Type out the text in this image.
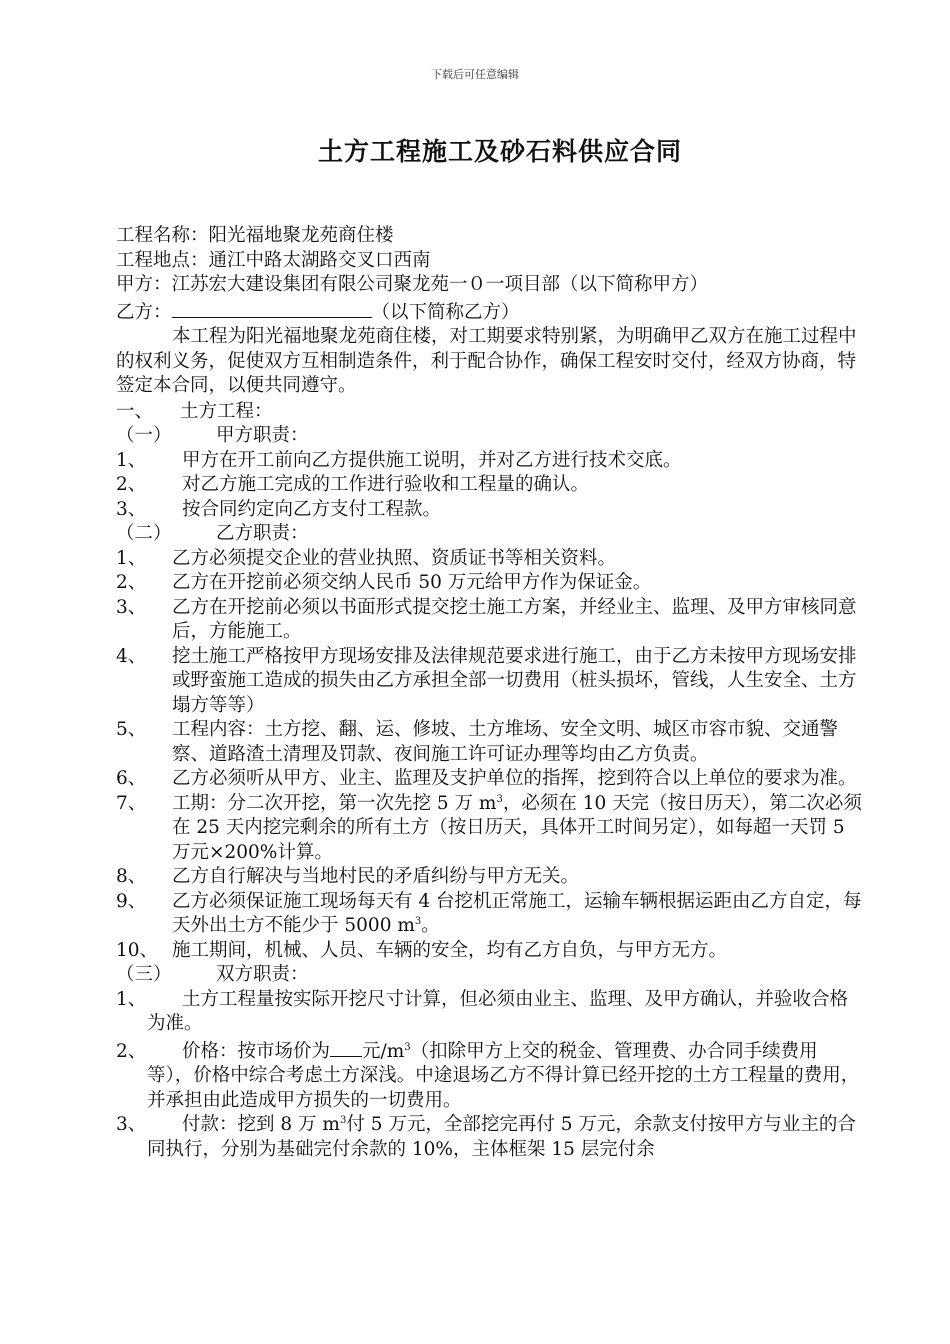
下载后可任意编辑
土方工程施工及砂石料供应合同
工程名称：阳光福地聚龙苑商住楼
工程地点：通江中路太湖路交叉口西南
甲方：江苏宏大建设集团有限公司聚龙苑一０一项目部（以下简称甲方）
乙方：	（以下简称乙方）
本工程为阳光福地聚龙苑商住楼，对工期要求特别紧，为明确甲乙双方在施工过程中的权利义务，促使双方互相制造条件，利于配合协作，确保工程安时交付，经双方协商，特签定本合同，以便共同遵守。
一、 土方工程：
（一） 甲方职责：
1、	甲方在开工前向乙方提供施工说明，并对乙方进行技术交底。
2、	对乙方施工完成的工作进行验收和工程量的确认。
3、	按合同约定向乙方支付工程款。
（二） 乙方职责：
1、	乙方必须提交企业的营业执照、资质证书等相关资料。
2、	乙方在开挖前必须交纳人民币 50 万元给甲方作为保证金。
3、	乙方在开挖前必须以书面形式提交挖土施工方案，并经业主、监理、及甲方审核同意后，方能施工。
4、	挖土施工严格按甲方现场安排及法律规范要求进行施工，由于乙方未按甲方现场安排或野蛮施工造成的损失由乙方承担全部一切费用（桩头损坏，管线，人生安全、土方塌方等等）
5、	工程内容：土方挖、翻、运、修坡、土方堆场、安全文明、城区市容市貌、交通警察、道路渣土清理及罚款、夜间施工许可证办理等均由乙方负责。
6、	乙方必须听从甲方、业主、监理及支护单位的指挥，挖到符合以上单位的要求为准。
7、	工期：分二次开挖，第一次先挖 5 万 $m^3$，必须在 10 天完（按日历天），第二次必须在 25 天内挖完剩余的所有土方（按日历天，具体开工时间另定），如每超一天罚 5 万元×200%计算。
8、	乙方自行解决与当地村民的矛盾纠纷与甲方无关。
9、	乙方必须保证施工现场每天有 4 台挖机正常施工，运输车辆根据运距由乙方自定，每天外出土方不能少于 5000 $m^3$。
10、 施工期间，机械、人员、车辆的安全，均有乙方自负，与甲方无方。
（三） 双方职责：
1、 土方工程量按实际开挖尺寸计算，但必须由业主、监理、及甲方确认，并验收合格为准。
2、 价格：按市场价为 元$/m^3$（扣除甲方上交的税金、管理费、办合同手续费用等），价格中综合考虑土方深浅。中途退场乙方不得计算已经开挖的土方工程量的费用，并承担由此造成甲方损失的一切费用。
3、 付款：挖到 8 万 $m^3$付 5 万元，全部挖完再付 5 万元，余款支付按甲方与业主的合同执行，分别为基础完付余款的 10%，主体框架 15 层完付余
